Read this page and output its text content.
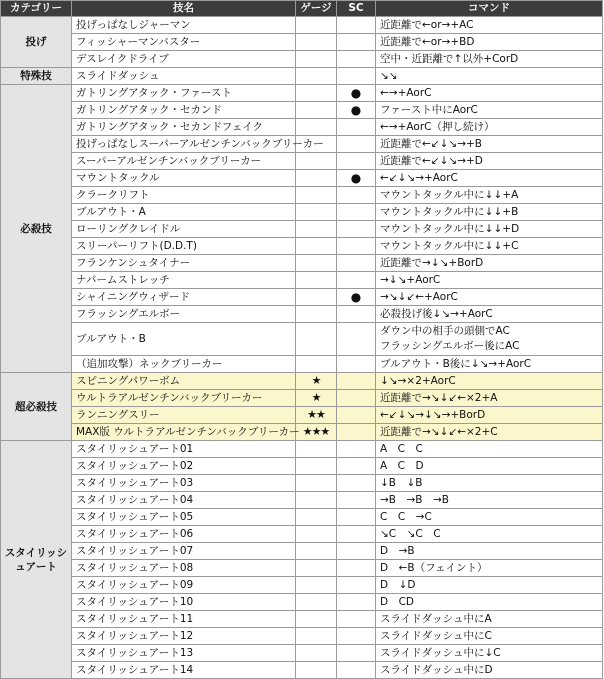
カテゴリー	技名	ゲージ	SC	コマンド
投げ	投げっぱなしジャーマン			近距離で←or→+AC
	フィッシャーマンバスター			近距離で←or→+BD
	デスレイクドライブ			空中・近距離で↑以外+CorD
特殊技	スライドダッシュ			↘↘
必殺技	ガトリングアタック・ファースト		●	←→+AorC
	ガトリングアタック・セカンド		●	ファースト中にAorC
	ガトリングアタック・セカンドフェイク			←→+AorC（押し続け）
	投げっぱなしスーパーアルゼンチンバックブリーカー			近距離で←↙↓↘→+B
	スーパーアルゼンチンバックブリーカー			近距離で←↙↓↘→+D
	マウントタックル		●	←↙↓↘→+AorC
	クラークリフト			マウントタックル中に↓↓+A
	ブルアウト・A			マウントタックル中に↓↓+B
	ローリングクレイドル			マウントタックル中に↓↓+D
	スリーパーリフト(D.D.T)			マウントタックル中に↓↓+C
	フランケンシュタイナー			近距離で→↓↘+BorD
	ナパームストレッチ			→↓↘+AorC
	シャイニングウィザード		●	→↘↓↙←+AorC
	フラッシングエルボー			必殺投げ後↓↘→+AorC
	ブルアウト・B			ダウン中の相手の頭側でAC
フラッシングエルボー後にAC

	（追加攻撃）ネックブリーカー			ブルアウト・B後に↓↘→+AorC
超必殺技	スピニングパワーボム	★		↓↘→×2+AorC
	ウルトラアルゼンチンバックブリーカー	★		近距離で→↘↓↙←×2+A
	ランニングスリー	★★		←↙↓↘→↓↘→+BorD
	MAX版 ウルトラアルゼンチンバックブリーカー	★★★		近距離で→↘↓↙←×2+C
スタイリッシュアート	スタイリッシュアート01			A　C　C
	スタイリッシュアート02			A　C　D
	スタイリッシュアート03			↓B　↓B
	スタイリッシュアート04			→B　→B　→B
	スタイリッシュアート05			C　C　→C
	スタイリッシュアート06			↘C　↘C　C
	スタイリッシュアート07			D　→B
	スタイリッシュアート08			D　←B（フェイント）
	スタイリッシュアート09			D　↓D
	スタイリッシュアート10			D　CD
	スタイリッシュアート11			スライドダッシュ中にA
	スタイリッシュアート12			スライドダッシュ中にC
	スタイリッシュアート13			スライドダッシュ中に↓C
	スタイリッシュアート14			スライドダッシュ中にD
